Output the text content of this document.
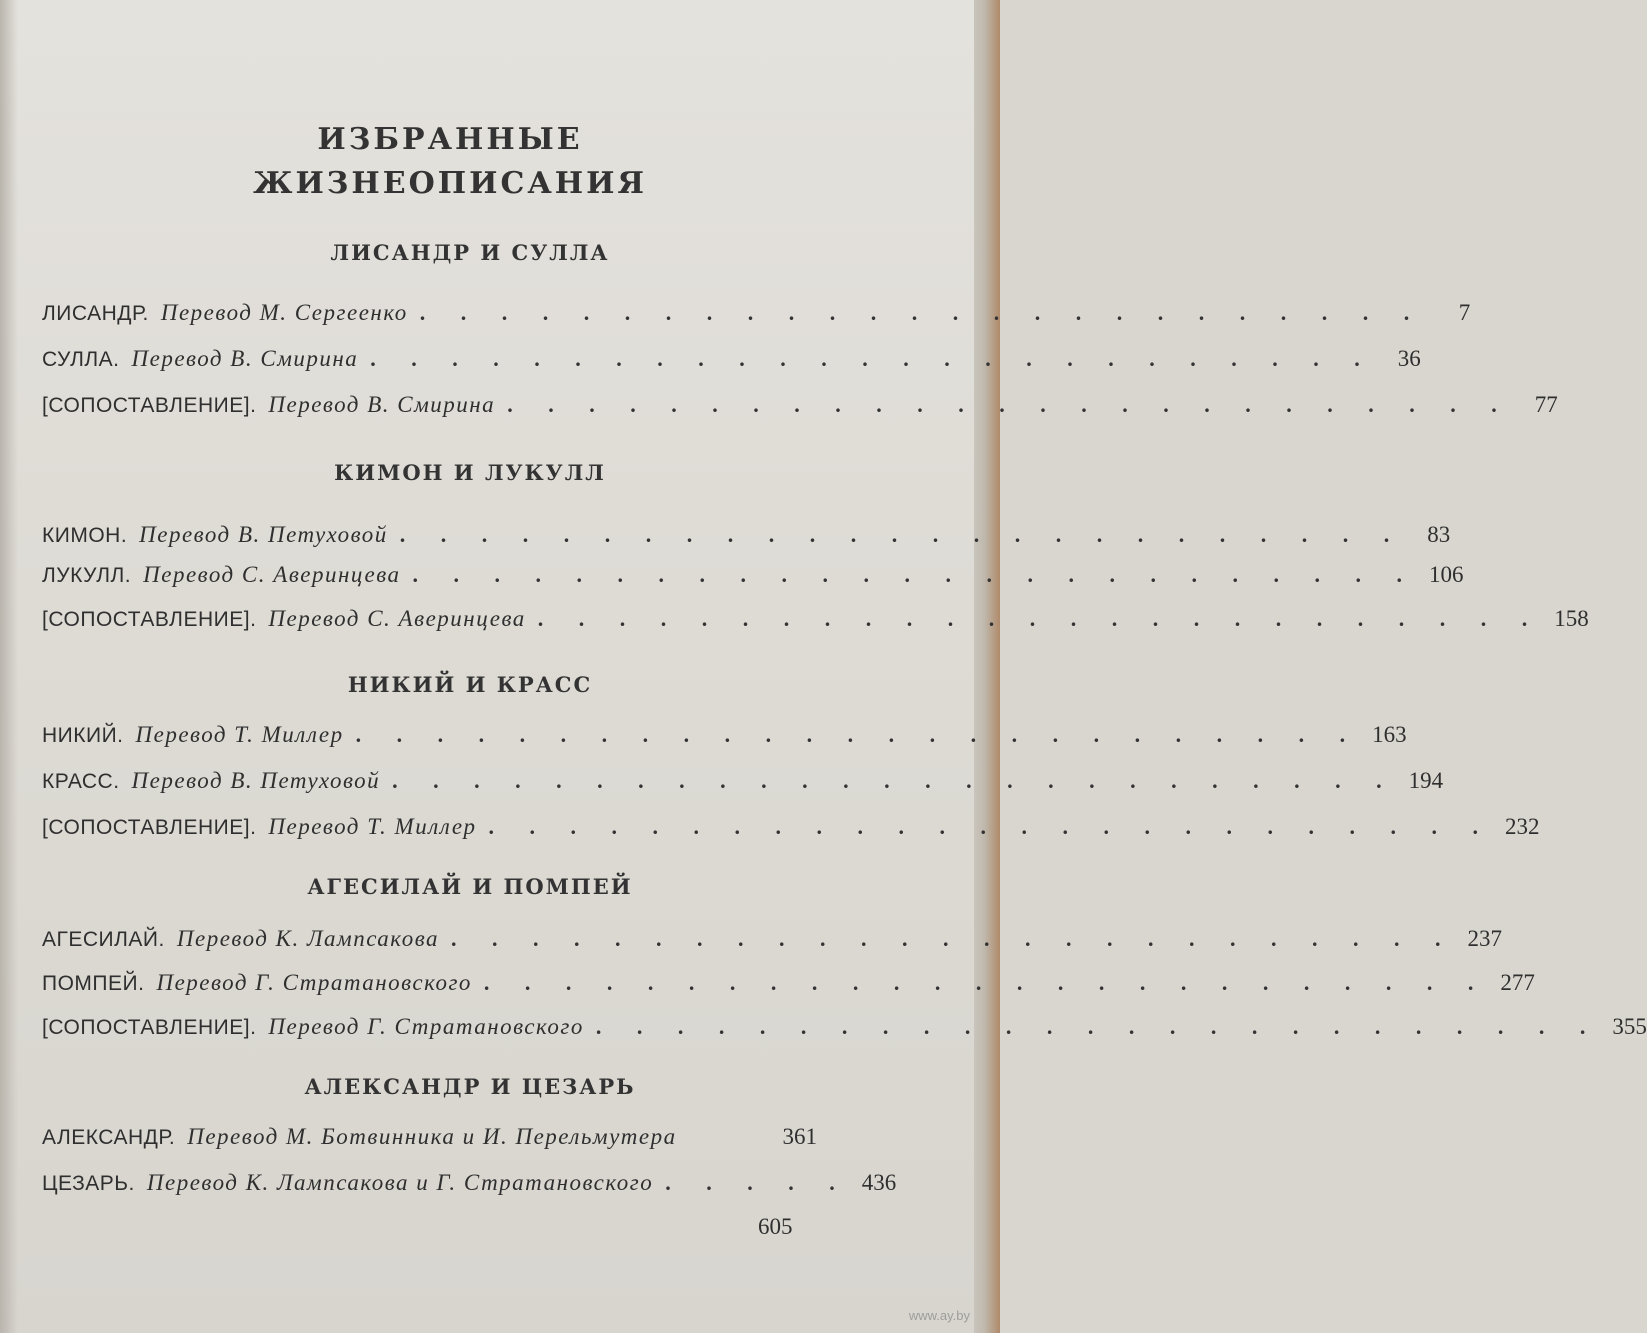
ИЗБРАННЫЕ
ЖИЗНЕОПИСАНИЯ
ЛИСАНДР И СУЛЛА
ЛИСАНДР. Перевод М. Сергеенко . . . . . . . . . . . . . . . . . . . . . . . . .	7
СУЛЛА. Перевод В. Смирина . . . . . . . . . . . . . . . . . . . . . . . . .	36
[СОПОСТАВЛЕНИЕ]. Перевод В. Смирина . . . . . . . . . . . . . . . . . . . . . . . . .	77
КИМОН И ЛУКУЛЛ
КИМОН. Перевод В. Петуховой . . . . . . . . . . . . . . . . . . . . . . . . .	83
ЛУКУЛЛ. Перевод С. Аверинцева . . . . . . . . . . . . . . . . . . . . . . . . . 106
[СОПОСТАВЛЕНИЕ]. Перевод С. Аверинцева . . . . . . . . . . . . . . . . . . . . . . . . . 158
НИКИЙ И КРАСС
НИКИЙ. Перевод Т. Миллер . . . . . . . . . . . . . . . . . . . . . . . . . 163
КРАСС. Перевод В. Петуховой . . . . . . . . . . . . . . . . . . . . . . . . . 194
[СОПОСТАВЛЕНИЕ]. Перевод Т. Миллер . . . . . . . . . . . . . . . . . . . . . . . . . 232
АГЕСИЛАЙ И ПОМПЕЙ
АГЕСИЛАЙ. Перевод К. Лампсакова . . . . . . . . . . . . . . . . . . . . . . . . . 237
ПОМПЕЙ. Перевод Г. Стратановского . . . . . . . . . . . . . . . . . . . . . . . . . 277
[СОПОСТАВЛЕНИЕ]. Перевод Г. Стратановского . . . . . . . . . . . . . . . . . . . . . . . . . 355
АЛЕКСАНДР И ЦЕЗАРЬ
АЛЕКСАНДР. Перевод М. Ботвинника и И. Перельмутера	361
ЦЕЗАРЬ. Перевод К. Лампсакова и Г. Стратановского . . . . . 436
605
www.ay.by
